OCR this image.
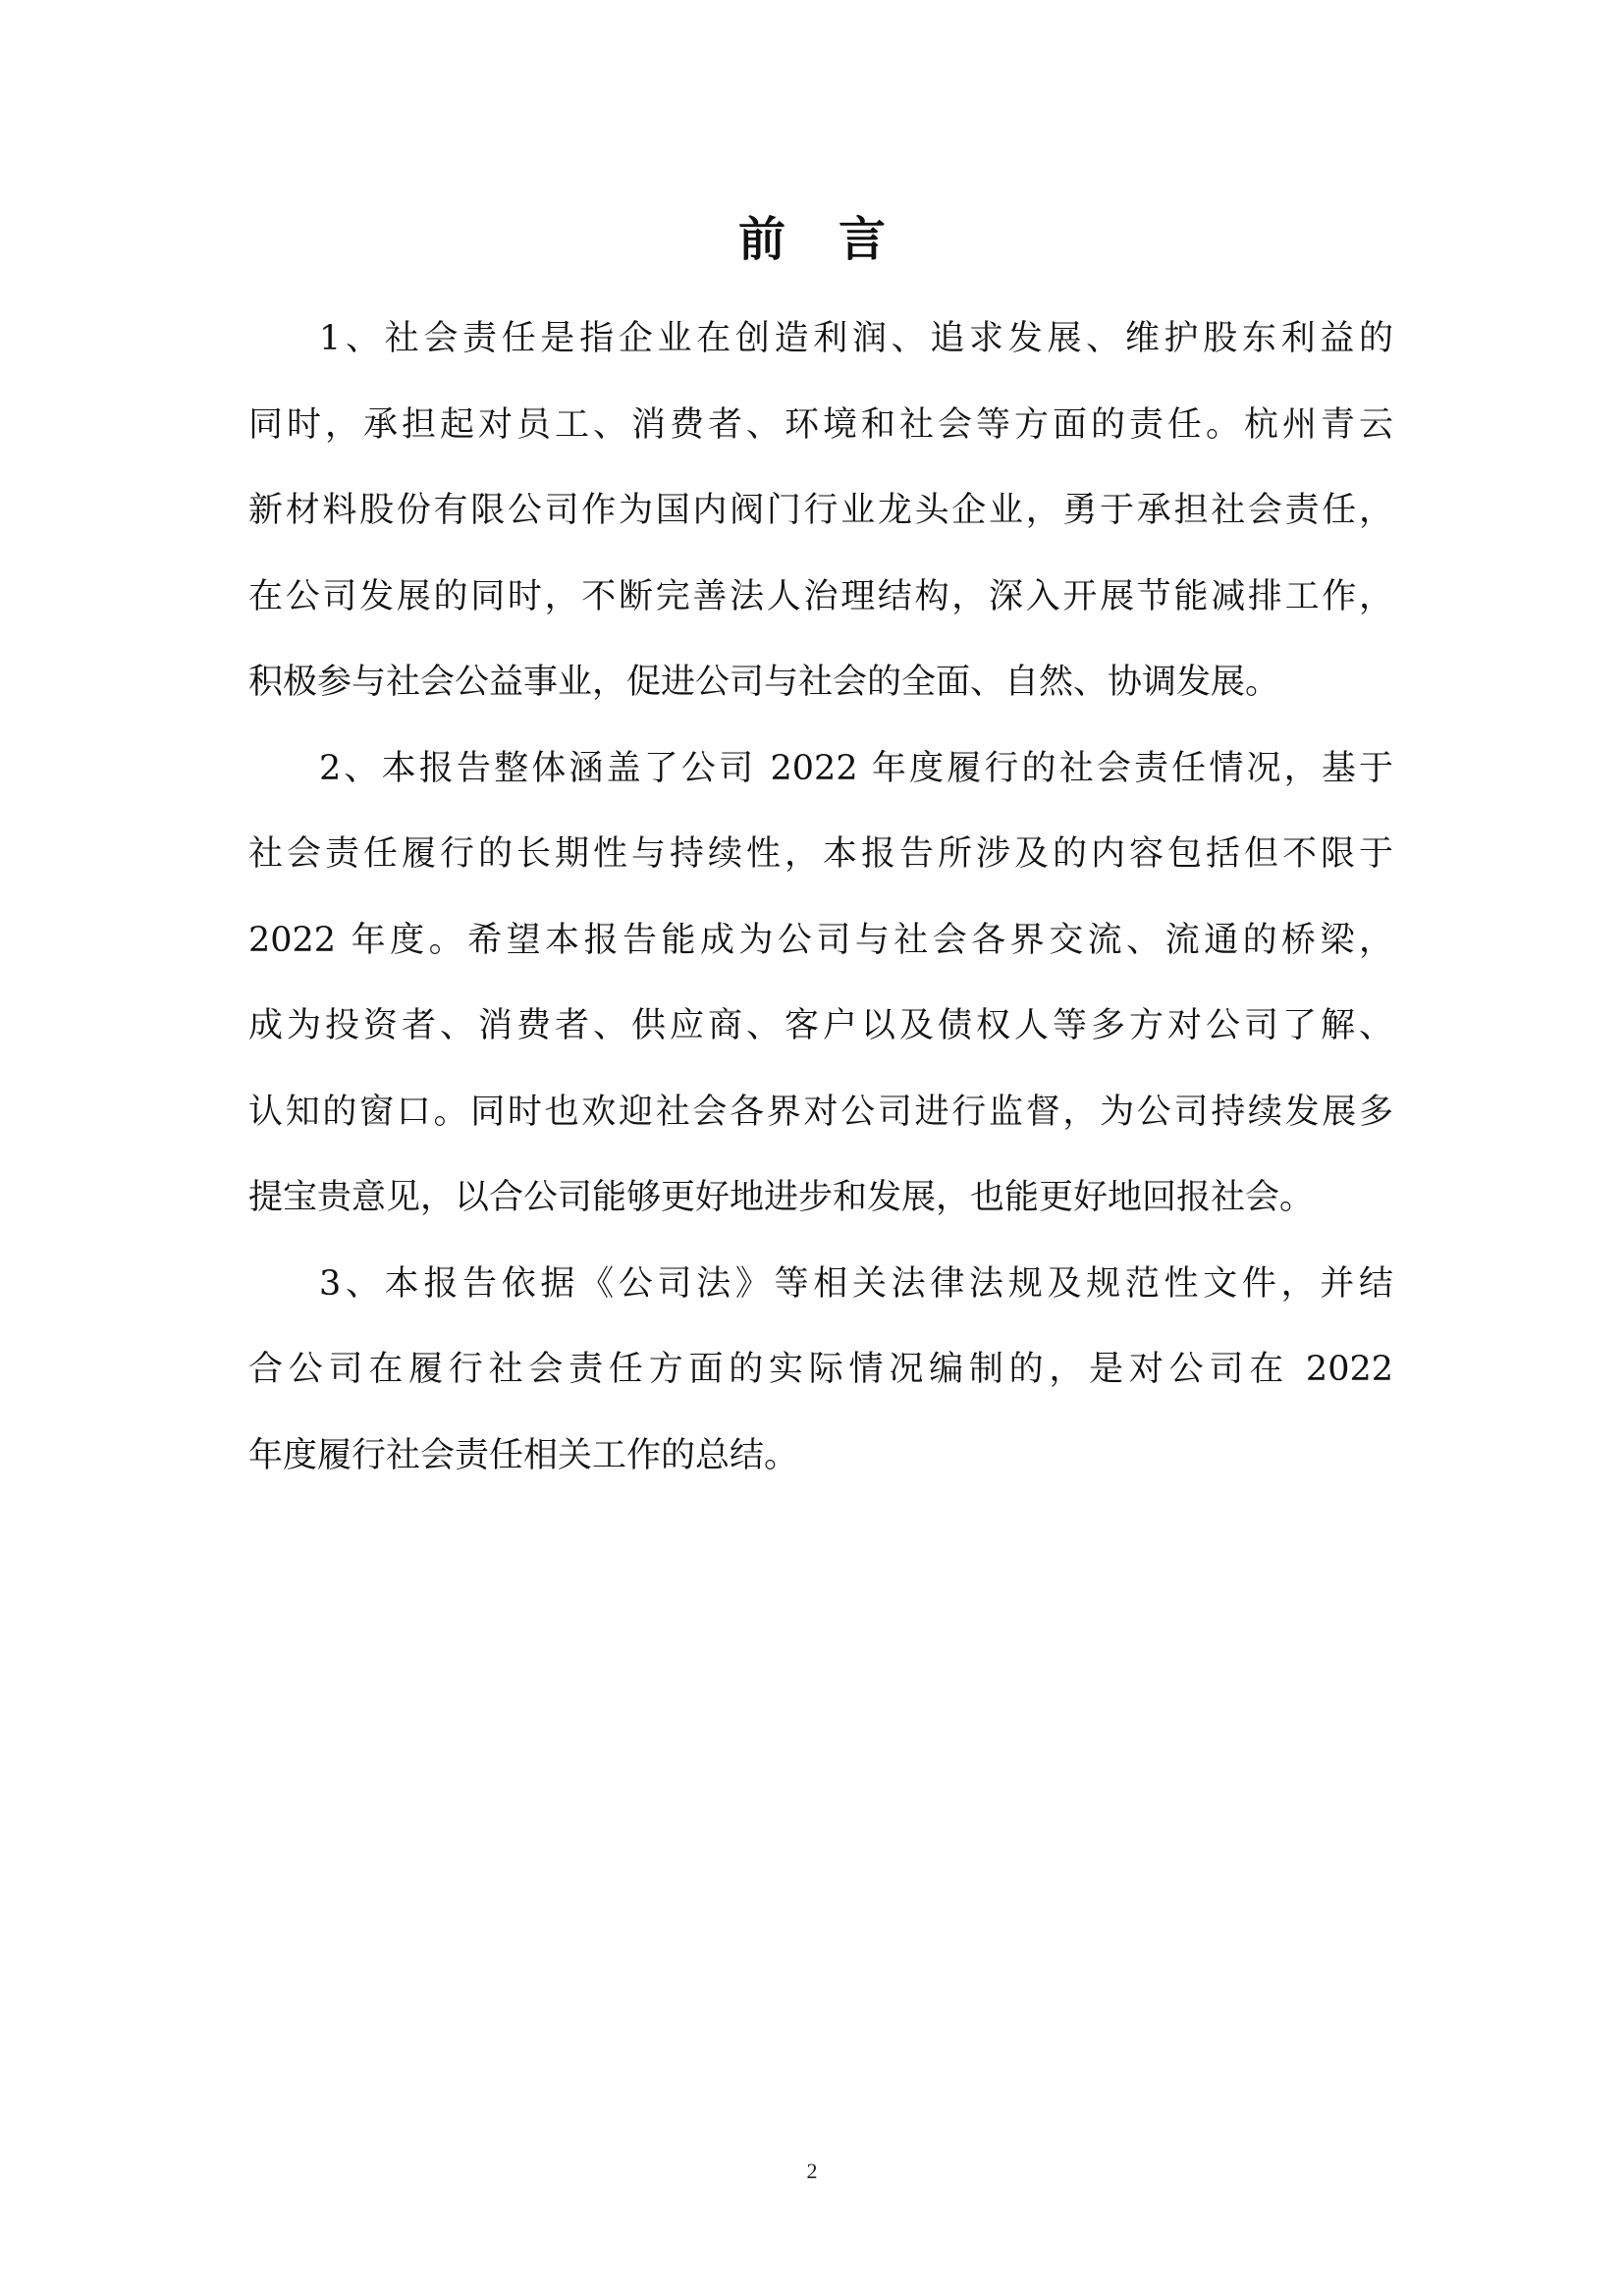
前言

1、社会责任是指企业在创造利润、追求发展、维护股东利益的
同时，承担起对员工、消费者、环境和社会等方面的责任。杭州青云
新材料股份有限公司作为国内阀门行业龙头企业，勇于承担社会责任，
在公司发展的同时，不断完善法人治理结构，深入开展节能减排工作，
积极参与社会公益事业，促进公司与社会的全面、自然、协调发展。

2、本报告整体涵盖了公司 2022 年度履行的社会责任情况，基于
社会责任履行的长期性与持续性，本报告所涉及的内容包括但不限于
2022 年度。希望本报告能成为公司与社会各界交流、流通的桥梁，
成为投资者、消费者、供应商、客户以及债权人等多方对公司了解、
认知的窗口。同时也欢迎社会各界对公司进行监督，为公司持续发展多
提宝贵意见，以合公司能够更好地进步和发展，也能更好地回报社会。

3、本报告依据《公司法》等相关法律法规及规范性文件，并结
合公司在履行社会责任方面的实际情况编制的，是对公司在 2022
年度履行社会责任相关工作的总结。

2
